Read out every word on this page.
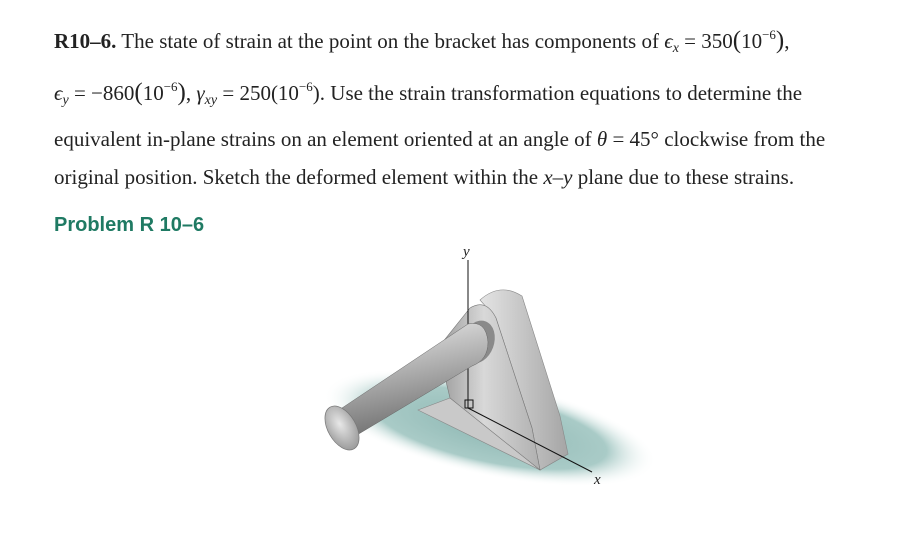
R10–6. The state of strain at the point on the bracket has components of $\epsilon x = 350(10^{-6})$,
$\epsilon y = -860(10^{-6})$, $\gamma xy = 250(10^{-6})$. Use the strain transformation equations to determine the equivalent in-plane strains on an element oriented at an angle of θ = 45° clockwise from the original position. Sketch the deformed element within the x–y plane due to these strains.

Problem R 10–6
y
x
